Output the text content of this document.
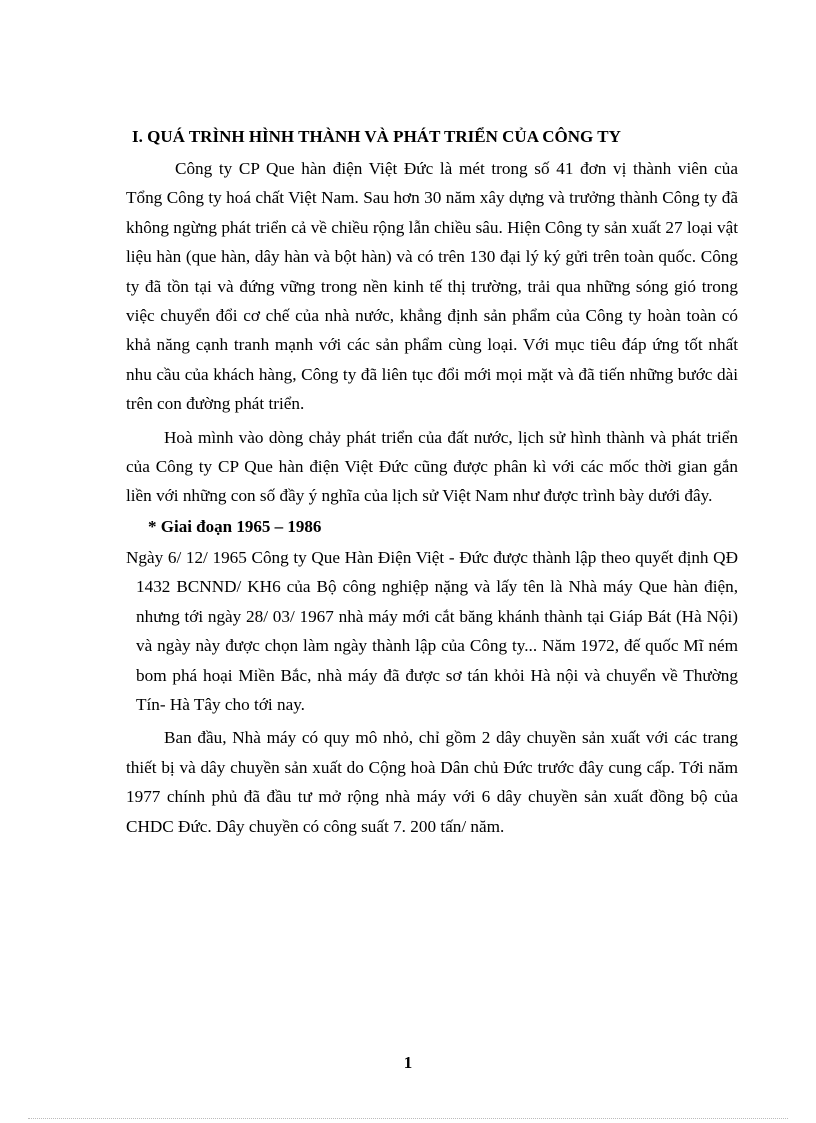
I. QUÁ TRÌNH HÌNH THÀNH VÀ PHÁT TRIỂN CỦA CÔNG TY

Công ty CP Que hàn điện Việt Đức là mét trong số 41 đơn vị thành viên của Tổng Công ty hoá chất Việt Nam. Sau hơn 30 năm xây dựng và trưởng thành Công ty đã không ngừng phát triển cả về chiều rộng lẫn chiều sâu. Hiện Công ty sản xuất 27 loại vật liệu hàn (que hàn, dây hàn và bột hàn) và có trên 130 đại lý ký gửi trên toàn quốc. Công ty đã tồn tại và đứng vững trong nền kinh tế thị trường, trải qua những sóng gió trong việc chuyển đổi cơ chế của nhà nước, khẳng định sản phẩm của Công ty hoàn toàn có khả năng cạnh tranh mạnh với các sản phẩm cùng loại. Với mục tiêu đáp ứng tốt nhất nhu cầu của khách hàng, Công ty đã liên tục đổi mới mọi mặt và đã tiến những bước dài trên con đường phát triển.

Hoà mình vào dòng chảy phát triển của đất nước, lịch sử hình thành và phát triển của Công ty CP Que hàn điện Việt Đức cũng được phân kì với các mốc thời gian gắn liền với những con số đầy ý nghĩa của lịch sử Việt Nam như được trình bày dưới đây.

* Giai đoạn 1965 – 1986

Ngày 6/ 12/ 1965 Công ty Que Hàn Điện Việt - Đức được thành lập theo quyết định QĐ 1432 BCNND/ KH6 của Bộ công nghiệp nặng và lấy tên là Nhà máy Que hàn điện, nhưng tới ngày 28/ 03/ 1967 nhà máy mới cắt băng khánh thành tại Giáp Bát (Hà Nội) và ngày này được chọn làm ngày thành lập của Công ty... Năm 1972, đế quốc Mĩ ném bom phá hoại Miền Bắc, nhà máy đã được sơ tán khỏi Hà nội và chuyển về Thường Tín- Hà Tây cho tới nay.

Ban đầu, Nhà máy có quy mô nhỏ, chỉ gồm 2 dây chuyền sản xuất với các trang thiết bị và dây chuyền sản xuất do Cộng hoà Dân chủ Đức trước đây cung cấp. Tới năm 1977 chính phủ đã đầu tư mở rộng nhà máy với 6 dây chuyền sản xuất đồng bộ của CHDC Đức. Dây chuyền có công suất 7. 200 tấn/ năm.

1
